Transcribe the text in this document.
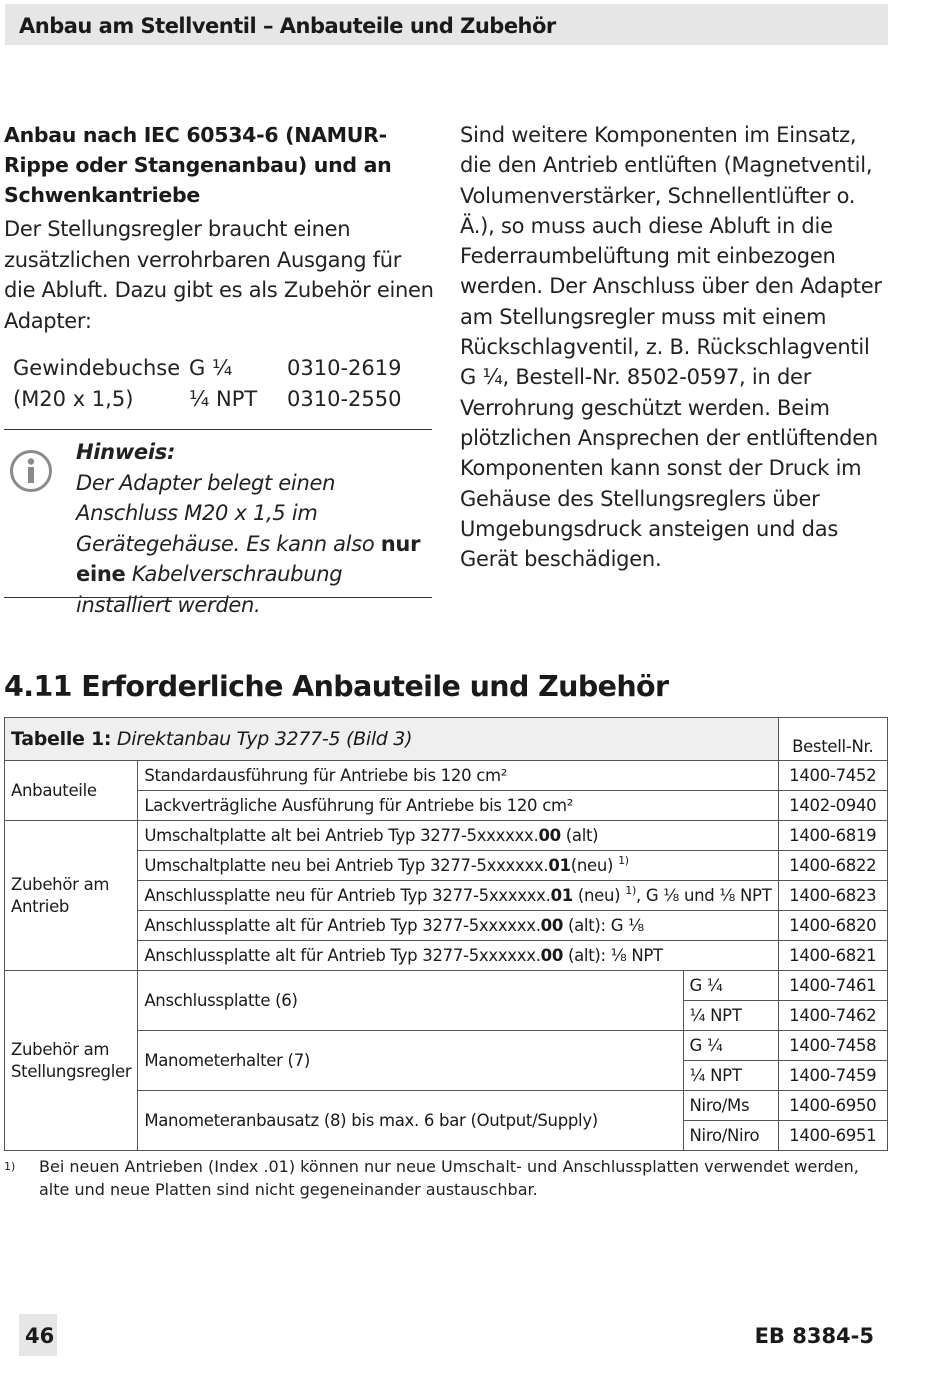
Anbau am Stellventil – Anbauteile und Zubehör

Anbau nach IEC 60534-6 (NAMUR-Rippe oder Stangenanbau) und an Schwenkantriebe

Der Stellungsregler braucht einen zusätzlichen verrohrbaren Ausgang für die Abluft. Dazu gibt es als Zubehör einen Adapter:

Gewindebuchse	G ¼	0310-2619
(M20 x 1,5)	¼ NPT	0310-2550
Hinweis:
Der Adapter belegt einen Anschluss M20 x 1,5 im Gerätegehäuse. Es kann also nur eine Kabelverschraubung installiert werden.
Sind weitere Komponenten im Einsatz, die den Antrieb entlüften (Magnetventil, Volumenverstärker, Schnellentlüfter o. Ä.), so muss auch diese Abluft in die Federraumbelüftung mit einbezogen werden. Der Anschluss über den Adapter am Stellungsregler muss mit einem Rückschlagventil, z. B. Rückschlagventil G ¼, Bestell-Nr. 8502-0597, in der Verrohrung geschützt werden. Beim plötzlichen Ansprechen der entlüftenden Komponenten kann sonst der Druck im Gehäuse des Stellungsreglers über Umgebungsdruck ansteigen und das Gerät beschädigen.
4.11 Erforderliche Anbauteile und Zubehör
Tabelle 1: Direktanbau Typ 3277-5 (Bild 3)			Bestell-Nr.
Anbauteile	Standardausführung für Antriebe bis 120 cm²		1400-7452
	Lackverträgliche Ausführung für Antriebe bis 120 cm²		1402-0940
Zubehör am Antrieb	Umschaltplatte alt bei Antrieb Typ 3277-5xxxxxx.00 (alt)		1400-6819
	Umschaltplatte neu bei Antrieb Typ 3277-5xxxxxx.01(neu) $^{1)}$		1400-6822
	Anschlussplatte neu für Antrieb Typ 3277-5xxxxxx.01 (neu) $^{1)}$, G ⅛ und ⅛ NPT		1400-6823
	Anschlussplatte alt für Antrieb Typ 3277-5xxxxxx.00 (alt): G ⅛		1400-6820
	Anschlussplatte alt für Antrieb Typ 3277-5xxxxxx.00 (alt): ⅛ NPT		1400-6821
Zubehör am Stellungsregler	Anschlussplatte (6)	G ¼	1400-7461
		¼ NPT	1400-7462
	Manometerhalter (7)	G ¼	1400-7458
		¼ NPT	1400-7459
	Manometeranbausatz (8) bis max. 6 bar (Output/Supply)	Niro/Ms	1400-6950
		Niro/Niro	1400-6951
1) Bei neuen Antrieben (Index .01) können nur neue Umschalt- und Anschlussplatten verwendet werden, alte und neue Platten sind nicht gegeneinander austauschbar.
46	EB 8384-5
